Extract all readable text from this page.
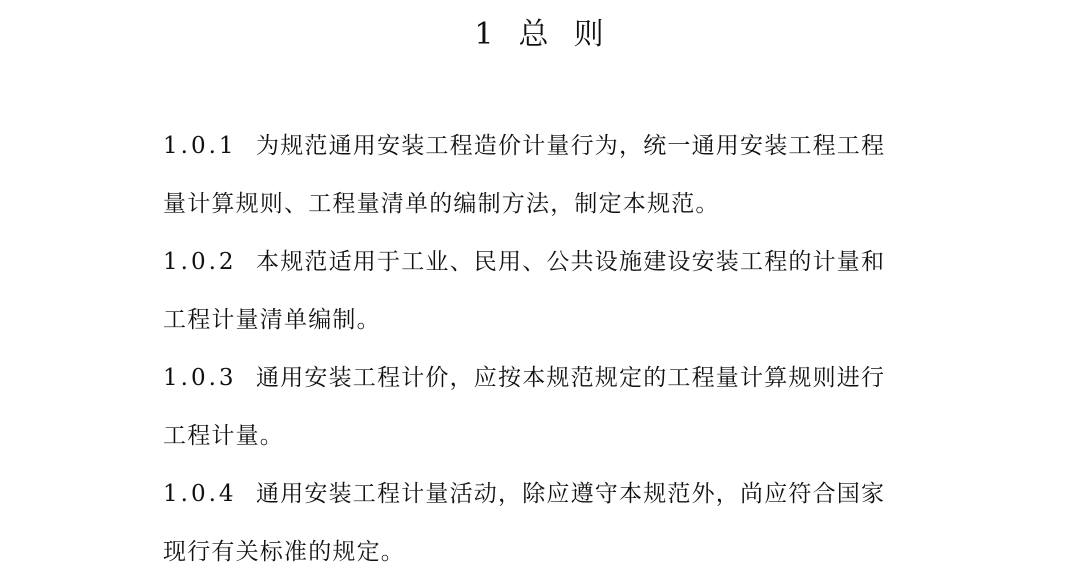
1  总  则
1.0.1 为规范通用安装工程造价计量行为，统一通用安装工程工程
量计算规则、工程量清单的编制方法，制定本规范。
1.0.2 本规范适用于工业、民用、公共设施建设安装工程的计量和
工程计量清单编制。
1.0.3 通用安装工程计价，应按本规范规定的工程量计算规则进行
工程计量。
1.0.4 通用安装工程计量活动，除应遵守本规范外，尚应符合国家
现行有关标准的规定。
